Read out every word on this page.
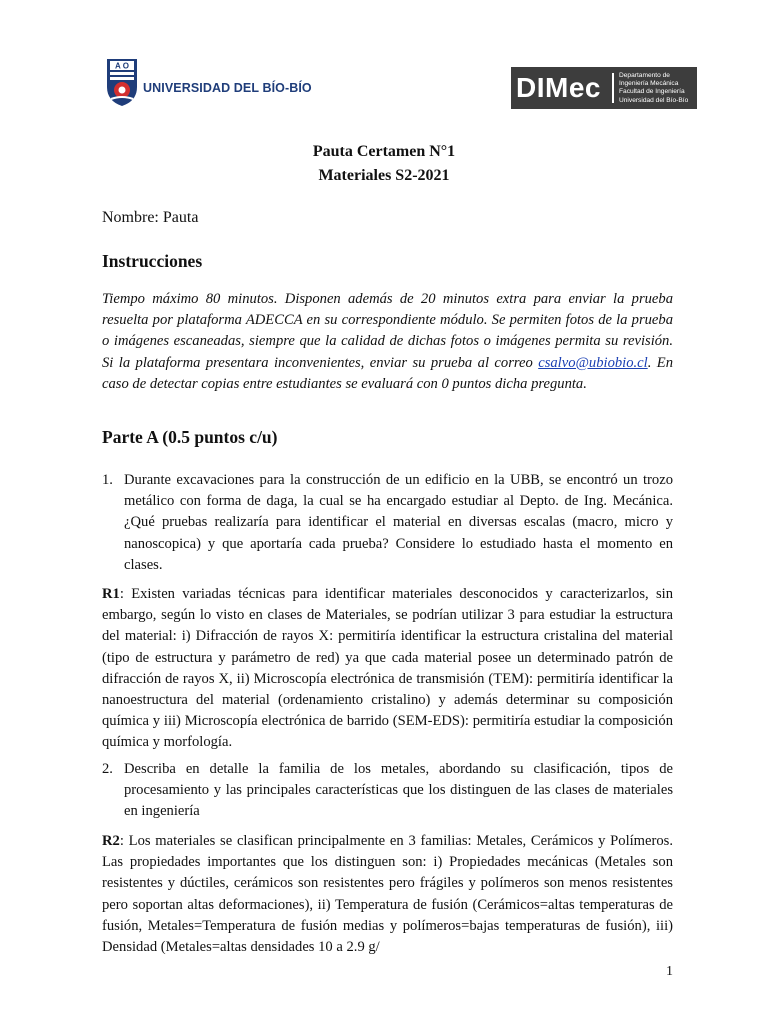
A O
UNIVERSIDAD DEL BÍO-BÍO	DIMec	Departamento de
Ingeniería Mecánica
Facultad de Ingeniería
Universidad del Bío-Bío
Pauta Certamen N°1
Materiales S2-2021
Nombre: Pauta
Instrucciones
Tiempo máximo 80 minutos. Disponen además de 20 minutos extra para enviar la prueba resuelta por plataforma ADECCA en su correspondiente módulo. Se permiten fotos de la prueba o imágenes escaneadas, siempre que la calidad de dichas fotos o imágenes permita su revisión. Si la plataforma presentara inconvenientes, enviar su prueba al correo csalvo@ubiobio.cl. En caso de detectar copias entre estudiantes se evaluará con 0 puntos dicha pregunta.
Parte A (0.5 puntos c/u)
1. Durante excavaciones para la construcción de un edificio en la UBB, se encontró un trozo metálico con forma de daga, la cual se ha encargado estudiar al Depto. de Ing. Mecánica. ¿Qué pruebas realizaría para identificar el material en diversas escalas (macro, micro y nanoscopica) y que aportaría cada prueba? Considere lo estudiado hasta el momento en clases.
R1: Existen variadas técnicas para identificar materiales desconocidos y caracterizarlos, sin embargo, según lo visto en clases de Materiales, se podrían utilizar 3 para estudiar la estructura del material: i) Difracción de rayos X: permitiría identificar la estructura cristalina del material (tipo de estructura y parámetro de red) ya que cada material posee un determinado patrón de difracción de rayos X, ii) Microscopía electrónica de transmisión (TEM): permitiría identificar la nanoestructura del material (ordenamiento cristalino) y además determinar su composición química y iii) Microscopía electrónica de barrido (SEM-EDS): permitiría estudiar la composición química y morfología.
2. Describa en detalle la familia de los metales, abordando su clasificación, tipos de procesamiento y las principales características que los distinguen de las clases de materiales en ingeniería
R2: Los materiales se clasifican principalmente en 3 familias: Metales, Cerámicos y Polímeros. Las propiedades importantes que los distinguen son: i) Propiedades mecánicas (Metales son resistentes y dúctiles, cerámicos son resistentes pero frágiles y polímeros son menos resistentes pero soportan altas deformaciones), ii) Temperatura de fusión (Cerámicos=altas temperaturas de fusión, Metales=Temperatura de fusión medias y polímeros=bajas temperaturas de fusión), iii) Densidad (Metales=altas densidades 10 a 2.9 g/
1
